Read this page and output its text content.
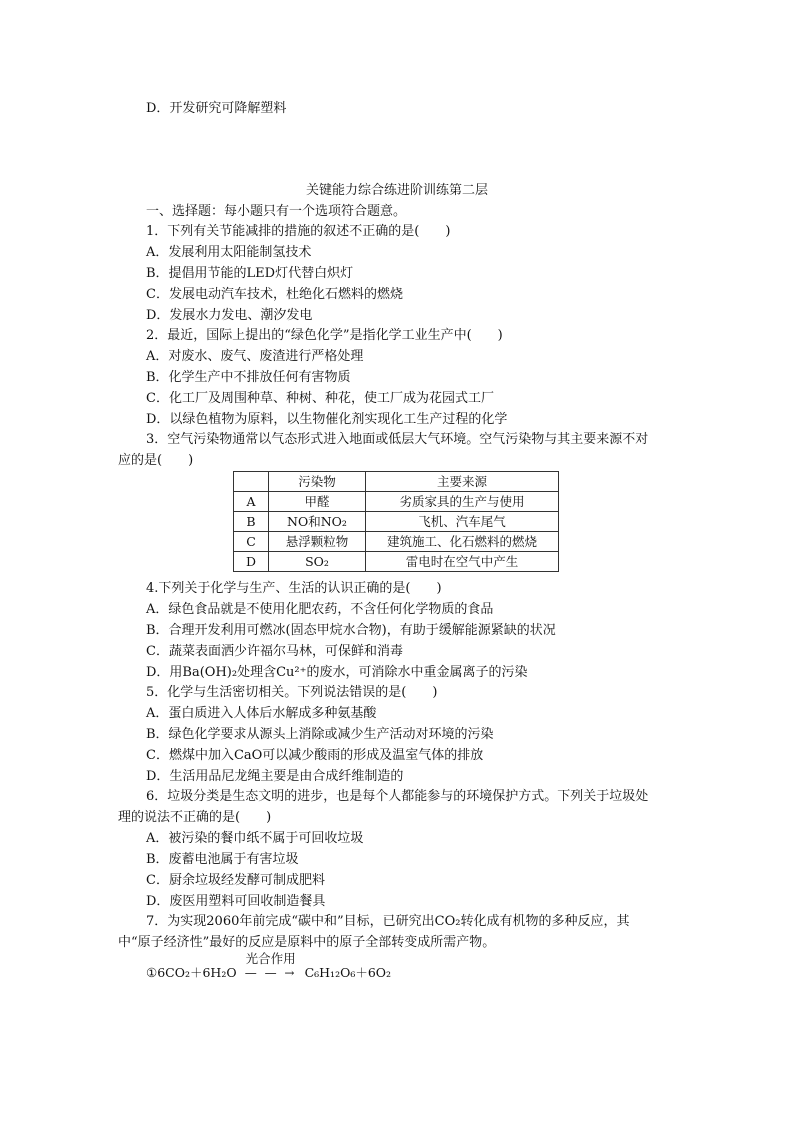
D．开发研究可降解塑料
关键能力综合练进阶训练第二层
一、选择题：每小题只有一个选项符合题意。
1．下列有关节能减排的措施的叙述不正确的是(　　)
A．发展利用太阳能制氢技术
B．提倡用节能的LED灯代替白炽灯
C．发展电动汽车技术，杜绝化石燃料的燃烧
D．发展水力发电、潮汐发电
2．最近，国际上提出的“绿色化学”是指化学工业生产中(　　)
A．对废水、废气、废渣进行严格处理
B．化学生产中不排放任何有害物质
C．化工厂及周围种草、种树、种花，使工厂成为花园式工厂
D．以绿色植物为原料，以生物催化剂实现化工生产过程的化学
3．空气污染物通常以气态形式进入地面或低层大气环境。空气污染物与其主要来源不对
应的是(　　)
	污染物	主要来源
A	甲醛	劣质家具的生产与使用
B	NO和NO₂	飞机、汽车尾气
C	悬浮颗粒物	建筑施工、化石燃料的燃烧
D	SO₂	雷电时在空气中产生
4.下列关于化学与生产、生活的认识正确的是(　　)
A．绿色食品就是不使用化肥农药，不含任何化学物质的食品
B．合理开发利用可燃冰(固态甲烷水合物)，有助于缓解能源紧缺的状况
C．蔬菜表面洒少许福尔马林，可保鲜和消毒
D．用Ba(OH)₂处理含Cu²⁺的废水，可消除水中重金属离子的污染
5．化学与生活密切相关。下列说法错误的是(　　)
A．蛋白质进入人体后水解成多种氨基酸
B．绿色化学要求从源头上消除或减少生产活动对环境的污染
C．燃煤中加入CaO可以减少酸雨的形成及温室气体的排放
D．生活用品尼龙绳主要是由合成纤维制造的
6．垃圾分类是生态文明的进步，也是每个人都能参与的环境保护方式。下列关于垃圾处
理的说法不正确的是(　　)
A．被污染的餐巾纸不属于可回收垃圾
B．废蓄电池属于有害垃圾
C．厨余垃圾经发酵可制成肥料
D．废医用塑料可回收制造餐具
7．为实现2060年前完成“碳中和”目标，已研究出CO₂转化成有机物的多种反应，其
中“原子经济性”最好的反应是原料中的原子全部转变成所需产物。
①6CO₂＋6H₂O
光合作用
— — → C₆H₁₂O₆＋6O₂
